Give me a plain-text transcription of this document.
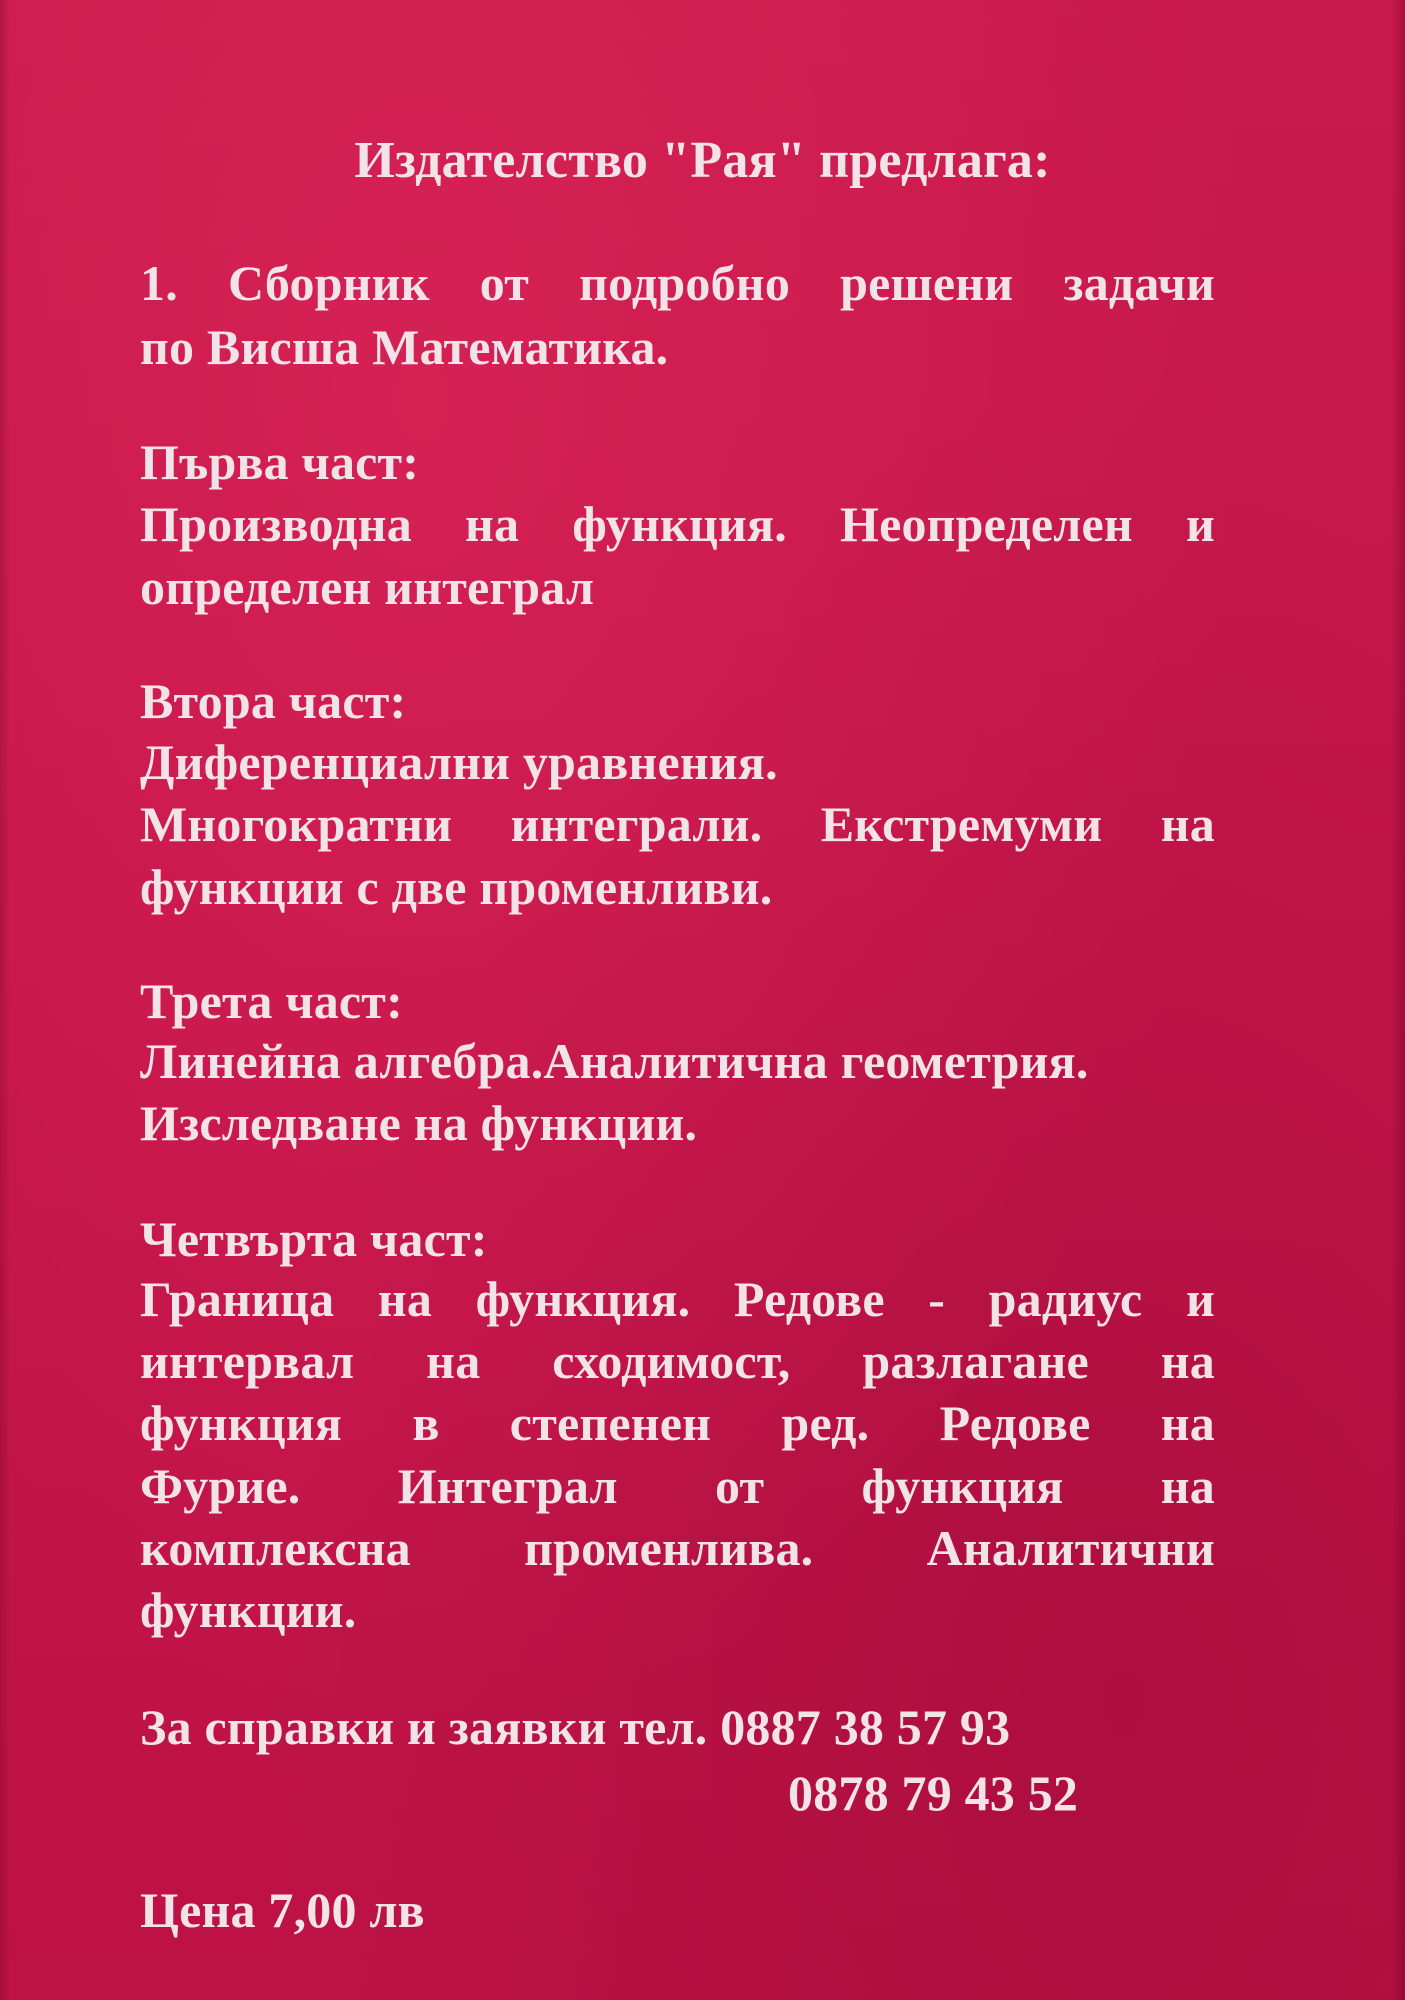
Издателство "Рая" предлага:
1. Сборник от подробно решени задачи
по Висша Математика.
Първа част:
Производна на функция. Неопределен и
определен интеграл
Втора част:
Диференциални уравнения.
Многократни интеграли. Екстремуми на
функции с две променливи.
Трета част:
Линейна алгебра.Аналитична геометрия.
Изследване на функции.
Четвърта част:
Граница на функция. Редове - радиус и
интервал на сходимост, разлагане на
функция в степенен ред. Редове на
Фурие. Интеграл от функция на
комплексна променлива. Аналитични
функции.
За справки и заявки тел. 0887 38 57 93
0878 79 43 52
Цена 7,00 лв
